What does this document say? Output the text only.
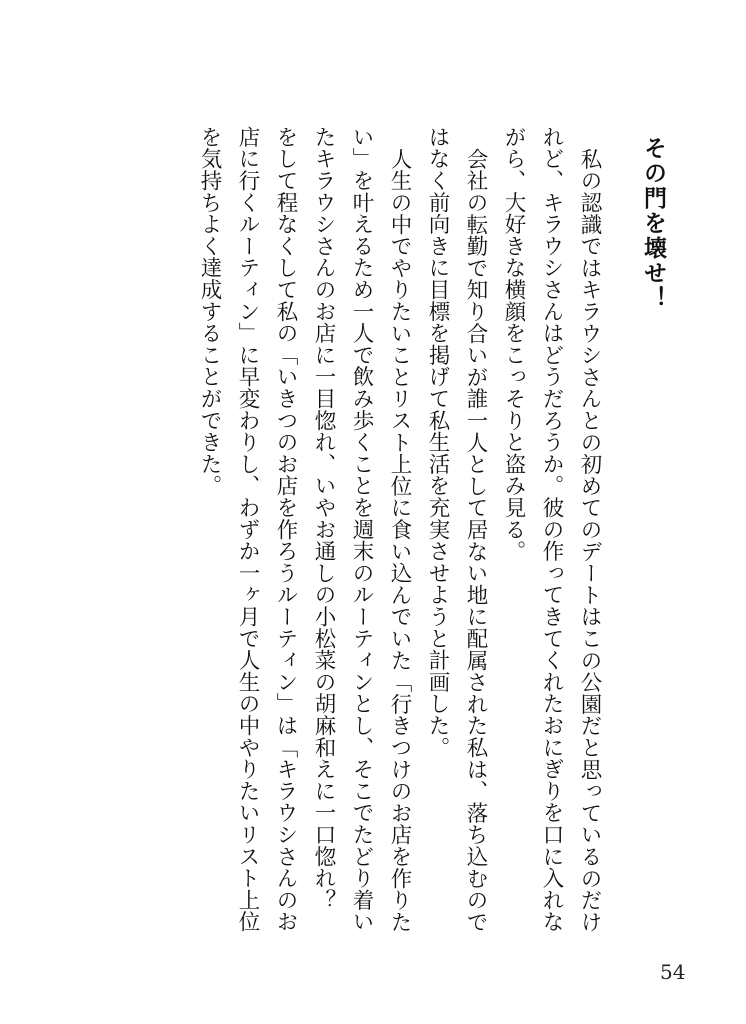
その門を壊せ！

私の認識ではキラウシさんとの初めてのデートはこの公園だと思っているのだけ
れど、キラウシさんはどうだろうか。彼の作ってきてくれたおにぎりを口に入れな
がら、大好きな横顔をこっそりと盗み見る。

会社の転勤で知り合いが誰一人として居ない地に配属された私は、落ち込むので
はなく前向きに目標を掲げて私生活を充実させようと計画した。
人生の中でやりたいことリスト上位に食い込んでいた「行きつけのお店を作りた
い」を叶えるため一人で飲み歩くことを週末のルーティンとし、そこでたどり着い
たキラウシさんのお店に一目惚れ、いやお通しの小松菜の胡麻和えに一口惚れ？
をして程なくして私の「いきつのお店を作ろうルーティン」は「キラウシさんのお
店に行くルーティン」に早変わりし、わずか一ヶ月で人生の中やりたいリスト上位
を気持ちよく達成することができた。

54
